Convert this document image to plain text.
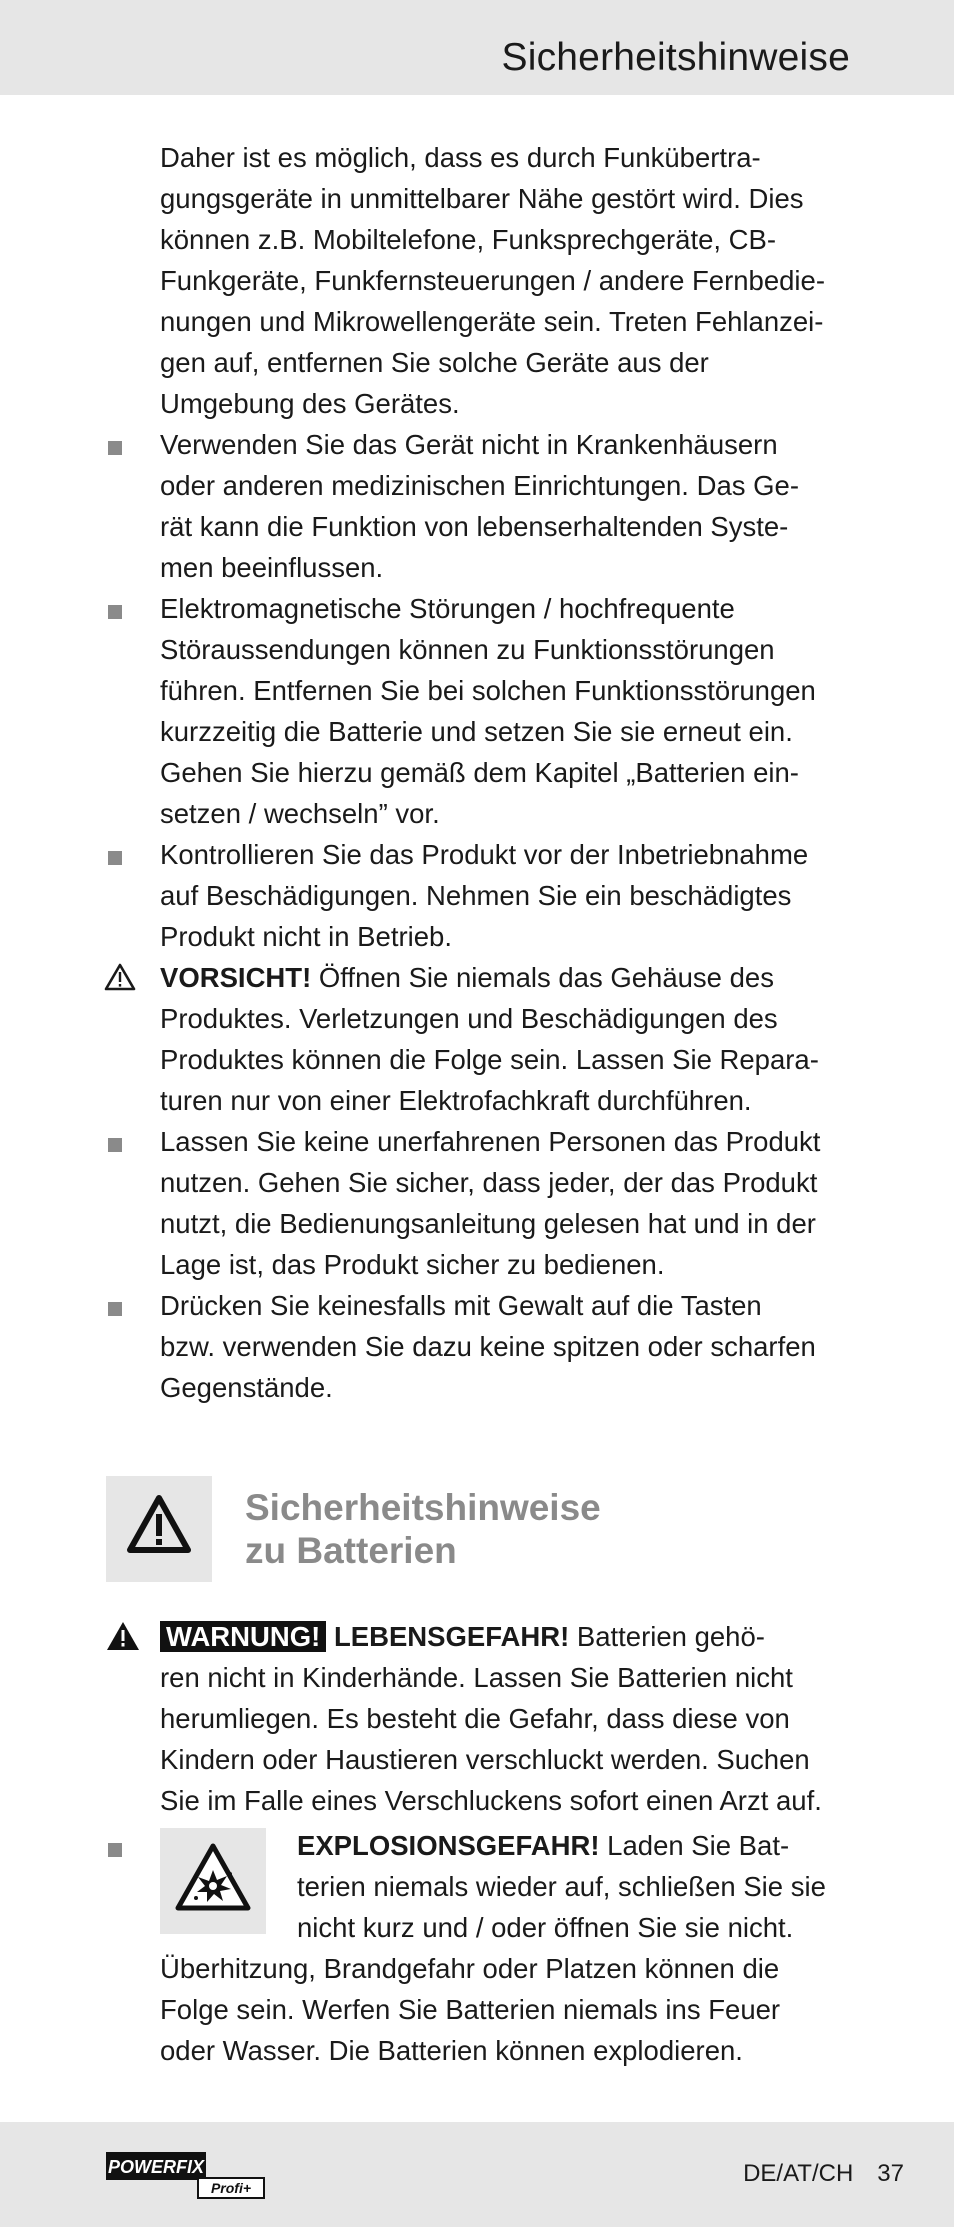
Sicherheitshinweise
Daher ist es möglich, dass es durch Funkübertra-
gungsgeräte in unmittelbarer Nähe gestört wird. Dies
können z.B. Mobiltelefone, Funksprechgeräte, CB-
Funkgeräte, Funkfernsteuerungen / andere Fernbedie-
nungen und Mikrowellengeräte sein. Treten Fehlanzei-
gen auf, entfernen Sie solche Geräte aus der
Umgebung des Gerätes.
Verwenden Sie das Gerät nicht in Krankenhäusern
oder anderen medizinischen Einrichtungen. Das Ge-
rät kann die Funktion von lebenserhaltenden Syste-
men beeinflussen.
Elektromagnetische Störungen / hochfrequente
Störaussendungen können zu Funktionsstörungen
führen. Entfernen Sie bei solchen Funktionsstörungen
kurzzeitig die Batterie und setzen Sie sie erneut ein.
Gehen Sie hierzu gemäß dem Kapitel „Batterien ein-
setzen / wechseln” vor.
Kontrollieren Sie das Produkt vor der Inbetriebnahme
auf Beschädigungen. Nehmen Sie ein beschädigtes
Produkt nicht in Betrieb.
VORSICHT! Öffnen Sie niemals das Gehäuse des
Produktes. Verletzungen und Beschädigungen des
Produktes können die Folge sein. Lassen Sie Repara-
turen nur von einer Elektrofachkraft durchführen.
Lassen Sie keine unerfahrenen Personen das Produkt
nutzen. Gehen Sie sicher, dass jeder, der das Produkt
nutzt, die Bedienungsanleitung gelesen hat und in der
Lage ist, das Produkt sicher zu bedienen.
Drücken Sie keinesfalls mit Gewalt auf die Tasten
bzw. verwenden Sie dazu keine spitzen oder scharfen
Gegenstände.
Sicherheitshinweise
zu Batterien
WARNUNG! LEBENSGEFAHR! Batterien gehö-
ren nicht in Kinderhände. Lassen Sie Batterien nicht
herumliegen. Es besteht die Gefahr, dass diese von
Kindern oder Haustieren verschluckt werden. Suchen
Sie im Falle eines Verschluckens sofort einen Arzt auf.
EXPLOSIONSGEFAHR! Laden Sie Bat-
terien niemals wieder auf, schließen Sie sie
nicht kurz und / oder öffnen Sie sie nicht.
Überhitzung, Brandgefahr oder Platzen können die
Folge sein. Werfen Sie Batterien niemals ins Feuer
oder Wasser. Die Batterien können explodieren.
POWERFIX
Profi+
DE/AT/CH 37
